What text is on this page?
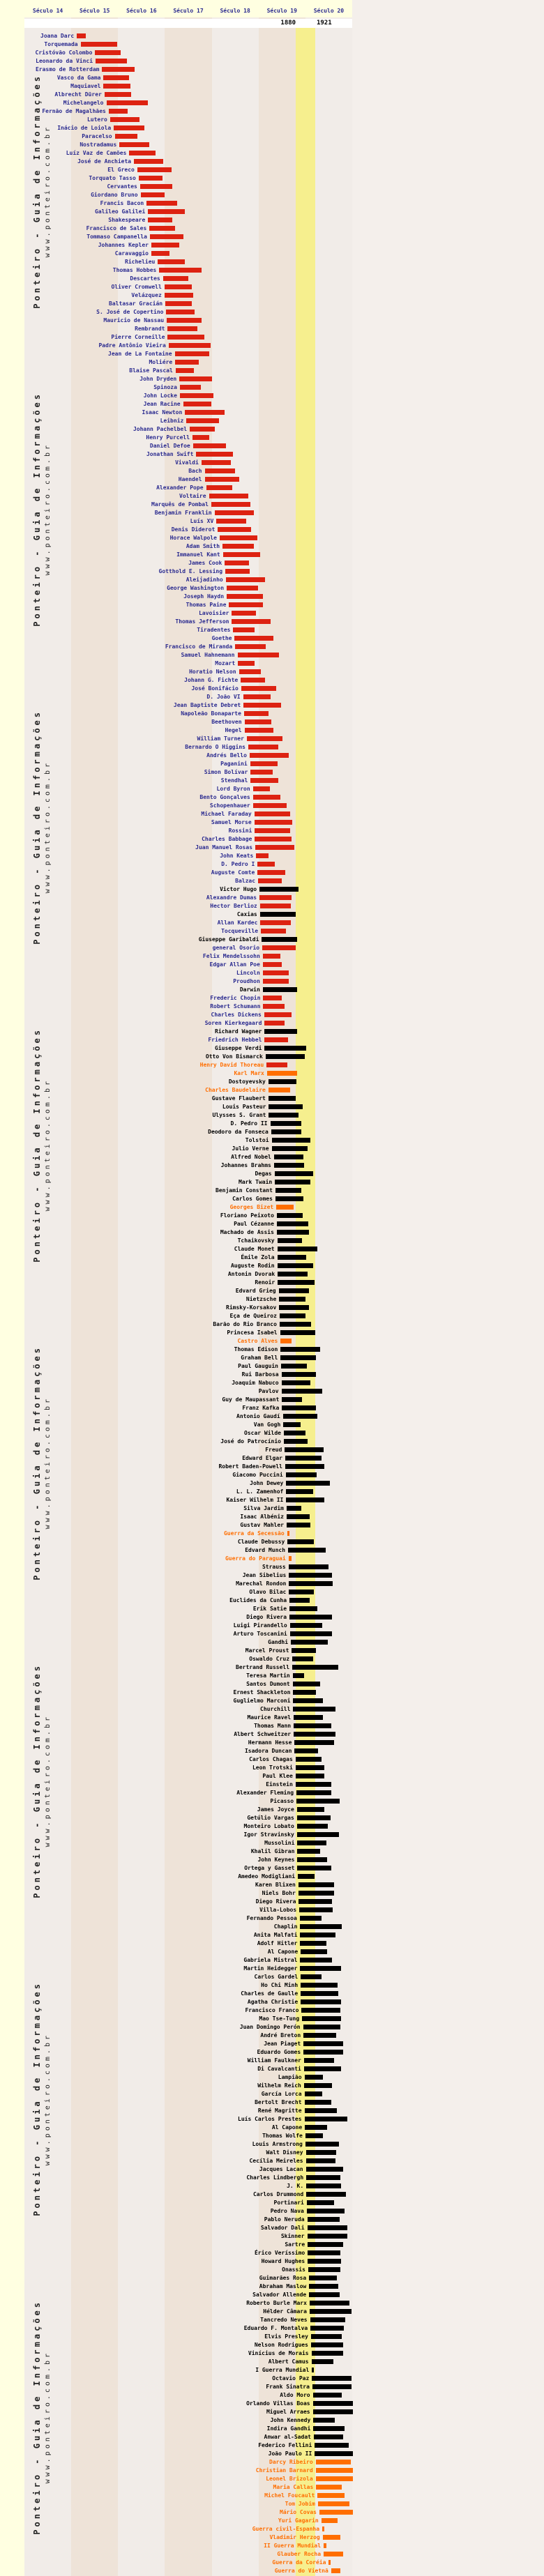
Século 14	Século 15	Século 16	Século 17	Século 18	Século 19	Século 20
1880	1921
Joana Darc
Torquemada
Cristóvão Colombo
Leonardo da Vinci
Erasmo de Rotterdam
Vasco da Gama
Maquiavel
Albrecht Dürer
Michelangelo
Fernão de Magalhães
Lutero
Inácio de Loiola
Paracelso
Nostradamus
Luíz Vaz de Camões
José de Anchieta
El Greco
Torquato Tasso
Cervantes
Giordano Bruno
Francis Bacon
Galileo Galilei
Shakespeare
Francisco de Sales
Tommaso Campanella
Johannes Kepler
Caravaggio
Richelieu
Thomas Hobbes
Descartes
Oliver Cromwell
Velázquez
Baltasar Gracián
S. José de Copertino
Mauricio de Nassau
Rembrandt
Pierre Corneille
Padre Antônio Vieira
Jean de La Fontaine
Moliére
Blaise Pascal
John Dryden
Spinoza
John Locke
Jean Racine
Isaac Newton
Leibniz
Johann Pachelbel
Henry Purcell
Daniel Defoe
Jonathan Swift
Vivaldi
Bach
Haendel
Alexander Pope
Voltaire
Marquês de Pombal
Benjamin Franklin
Luís XV
Denis Diderot
Horace Walpole
Adam Smith
Immanuel Kant
James Cook
Gotthold E. Lessing
Aleijadinho
George Washington
Joseph Haydn
Thomas Paine
Lavoisier
Thomas Jefferson
Tiradentes
Goethe
Francisco de Miranda
Samuel Hahnemann
Mozart
Horatio Nelson
Johann G. Fichte
José Bonifácio
D. João VI
Jean Baptiste Debret
Napoleão Bonaparte
Beethoven
Hegel
William Turner
Bernardo O Higgins
Andrés Bello
Paganini
Simon Bolívar
Stendhal
Lord Byron
Bento Gonçalves
Schopenhauer
Michael Faraday
Samuel Morse
Rossini
Charles Babbage
Juan Manuel Rosas
John Keats
D. Pedro I
Auguste Comte
Balzac
Victor Hugo
Alexandre Dumas
Hector Berlioz
Caxias
Allan Kardec
Tocqueville
Giuseppe Garibaldi
general Osorio
Felix Mendelssohn
Edgar Allan Poe
Lincoln
Proudhon
Darwin
Frederic Chopin
Robert Schumann
Charles Dickens
Soren Kierkegaard
Richard Wagner
Friedrich Hebbel
Giuseppe Verdi
Otto Von Bismarck
Henry David Thoreau
Karl Marx
Dostoyevsky
Charles Baudelaire
Gustave Flaubert
Louis Pasteur
Ulysses S. Grant
D. Pedro II
Deodoro da Fonseca
Tolstoi
Julio Verne
Alfred Nobel
Johannes Brahms
Degas
Mark Twain
Benjamin Constant
Carlos Gomes
Georges Bizet
Floriano Peixoto
Paul Cézanne
Machado de Assis
Tchaikovsky
Claude Monet
Émile Zola
Auguste Rodin
Antonin Dvorak
Renoir
Edvard Grieg
Nietzsche
Rimsky-Korsakov
Eça de Queiroz
Barão do Rio Branco
Princesa Isabel
Castro Alves
Thomas Edison
Graham Bell
Paul Gauguin
Rui Barbosa
Joaquim Nabuco
Pavlov
Guy de Maupassant
Franz Kafka
Antonio Gaudí
Van Gogh
Oscar Wilde
José do Patrocínio
Freud
Edward Elgar
Robert Baden-Powell
Giacomo Puccini
John Dewey
L. L. Zamenhof
Kaiser Wilhelm II
Silva Jardim
Isaac Albéniz
Gustav Mahler
Guerra da Secessão
Claude Debussy
Edvard Munch
Guerra do Paraguai
Strauss
Jean Sibelius
Marechal Rondon
Olavo Bilac
Euclides da Cunha
Erik Satie
Diego Rivera
Luigi Pirandello
Arturo Toscanini
Gandhi
Marcel Proust
Oswaldo Cruz
Bertrand Russell
Teresa Martin
Santos Dumont
Ernest Shackleton
Guglielmo Marconi
Churchill
Maurice Ravel
Thomas Mann
Albert Schweitzer
Hermann Hesse
Isadora Duncan
Carlos Chagas
Leon Trotski
Paul Klee
Einstein
Alexander Fleming
Picasso
James Joyce
Getúlio Vargas
Monteiro Lobato
Igor Stravinsky
Mussolini
Khalil Gibran
John Keynes
Ortega y Gasset
Amedeo Modigliani
Karen Blixen
Niels Bohr
Diego Rivera
Villa-Lobos
Fernando Pessoa
Chaplin
Anita Malfati
Adolf Hitler
Al Capone
Gabriela Mistral
Martin Heidegger
Carlos Gardel
Ho Chi Minh
Charles de Gaulle
Agatha Christie
Francisco Franco
Mao Tse-Tung
Juan Domingo Perón
André Breton
Jean Piaget
Eduardo Gomes
William Faulkner
Di Cavalcanti
Lampião
Wilhelm Reich
García Lorca
Bertolt Brecht
René Magritte
Luís Carlos Prestes
Al Capone
Thomas Wolfe
Louis Armstrong
Walt Disney
Cecília Meireles
Jacques Lacan
Charles Lindbergh
J. K.
Carlos Drummond
Portinari
Pedro Nava
Pablo Neruda
Salvador Dali
Skinner
Sartre
Érico Veríssimo
Howard Hughes
Onassis
Guimarães Rosa
Abraham Maslow
Salvador Allende
Roberto Burle Marx
Hélder Câmara
Tancredo Neves
Eduardo F. Montalva
Elvis Presley
Nelson Rodrigues
Vinícius de Morais
Albert Camus
I Guerra Mundial
Octavio Paz
Frank Sinatra
Aldo Moro
Orlando Villas Boas
Miguel Arraes
John Kennedy
Indira Gandhi
Anwar al-Sadat
Federico Fellini
João Paulo II
Darcy Ribeiro
Christian Barnard
Leonel Brizola
Maria Callas
Michel Foucault
Tom Jobim
Mário Covas
Yuri Gagarin
Guerra civil-Espanha
Vladimir Herzog
II Guerra Mundial
Glauber Rocha
Guerra da Coréia
Guerra do Vietnã
Ponteiro - Guia de Informações www.ponteiro.com.br
Ponteiro - Guia de Informações www.ponteiro.com.br
Ponteiro - Guia de Informações www.ponteiro.com.br
Ponteiro - Guia de Informações www.ponteiro.com.br
Ponteiro - Guia de Informações www.ponteiro.com.br
Ponteiro - Guia de Informações www.ponteiro.com.br
Ponteiro - Guia de Informações www.ponteiro.com.br
Ponteiro - Guia de Informações www.ponteiro.com.br
